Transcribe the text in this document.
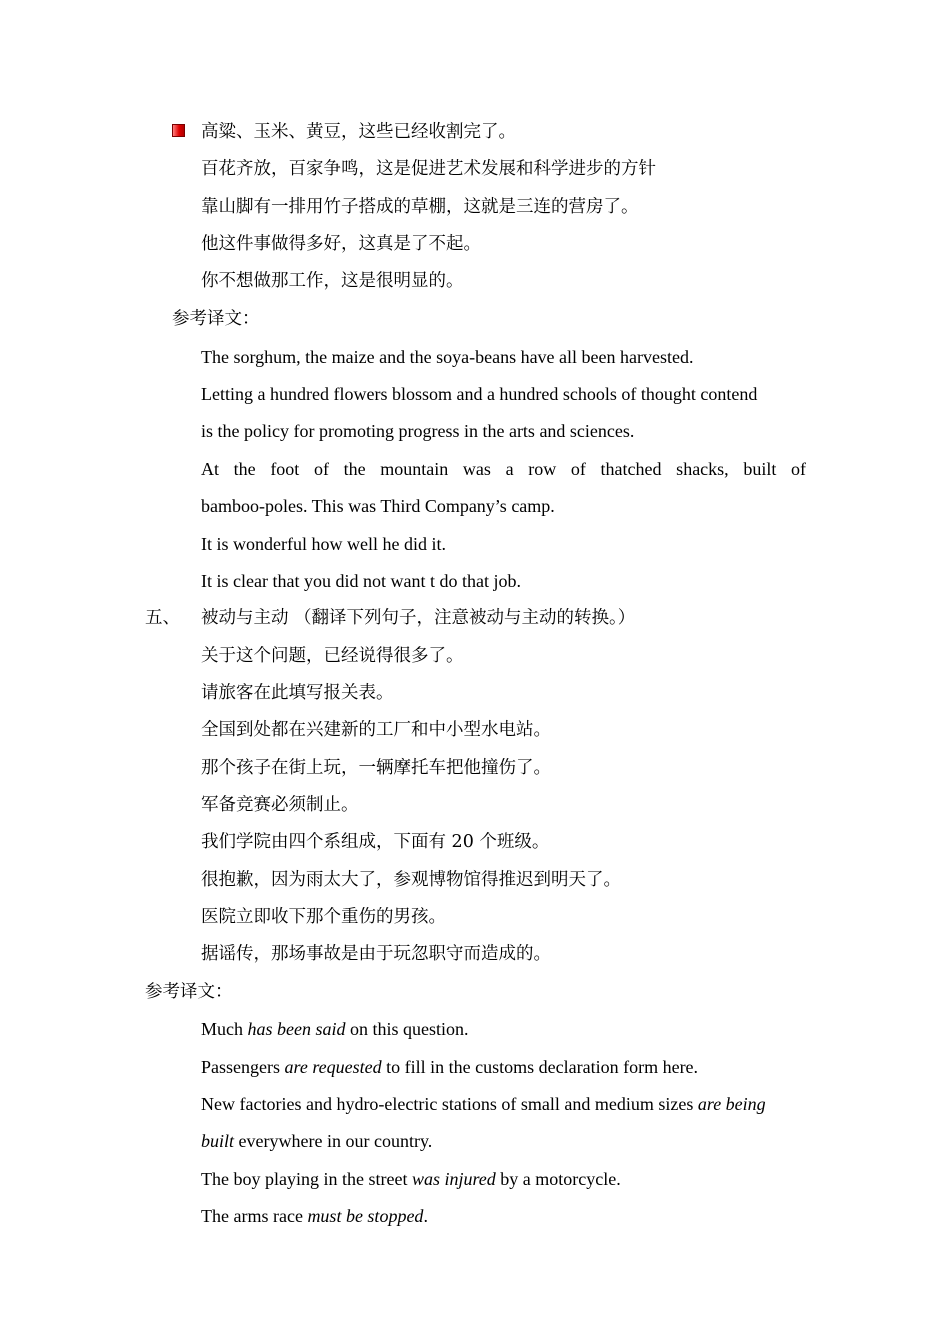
高粱、玉米、黄豆，这些已经收割完了。

百花齐放，百家争鸣，这是促进艺术发展和科学进步的方针

靠山脚有一排用竹子搭成的草棚，这就是三连的营房了。

他这件事做得多好，这真是了不起。

你不想做那工作，这是很明显的。

参考译文：

The sorghum, the maize and the soya-beans have all been harvested.

Letting a hundred flowers blossom and a hundred schools of thought contend

is the policy for promoting progress in the arts and sciences.

At the foot of the mountain was a row of thatched shacks, built of

bamboo-poles. This was Third Company’s camp.

It is wonderful how well he did it.

It is clear that you did not want t do that job.

五、 被动与主动 （翻译下列句子，注意被动与主动的转换。）

关于这个问题，已经说得很多了。

请旅客在此填写报关表。

全国到处都在兴建新的工厂和中小型水电站。

那个孩子在街上玩，一辆摩托车把他撞伤了。

军备竞赛必须制止。

我们学院由四个系组成，下面有 20 个班级。

很抱歉，因为雨太大了，参观博物馆得推迟到明天了。

医院立即收下那个重伤的男孩。

据谣传，那场事故是由于玩忽职守而造成的。

参考译文：

Much has been said on this question.

Passengers are requested to fill in the customs declaration form here.

New factories and hydro-electric stations of small and medium sizes are being

built everywhere in our country.

The boy playing in the street was injured by a motorcycle.

The arms race must be stopped.
